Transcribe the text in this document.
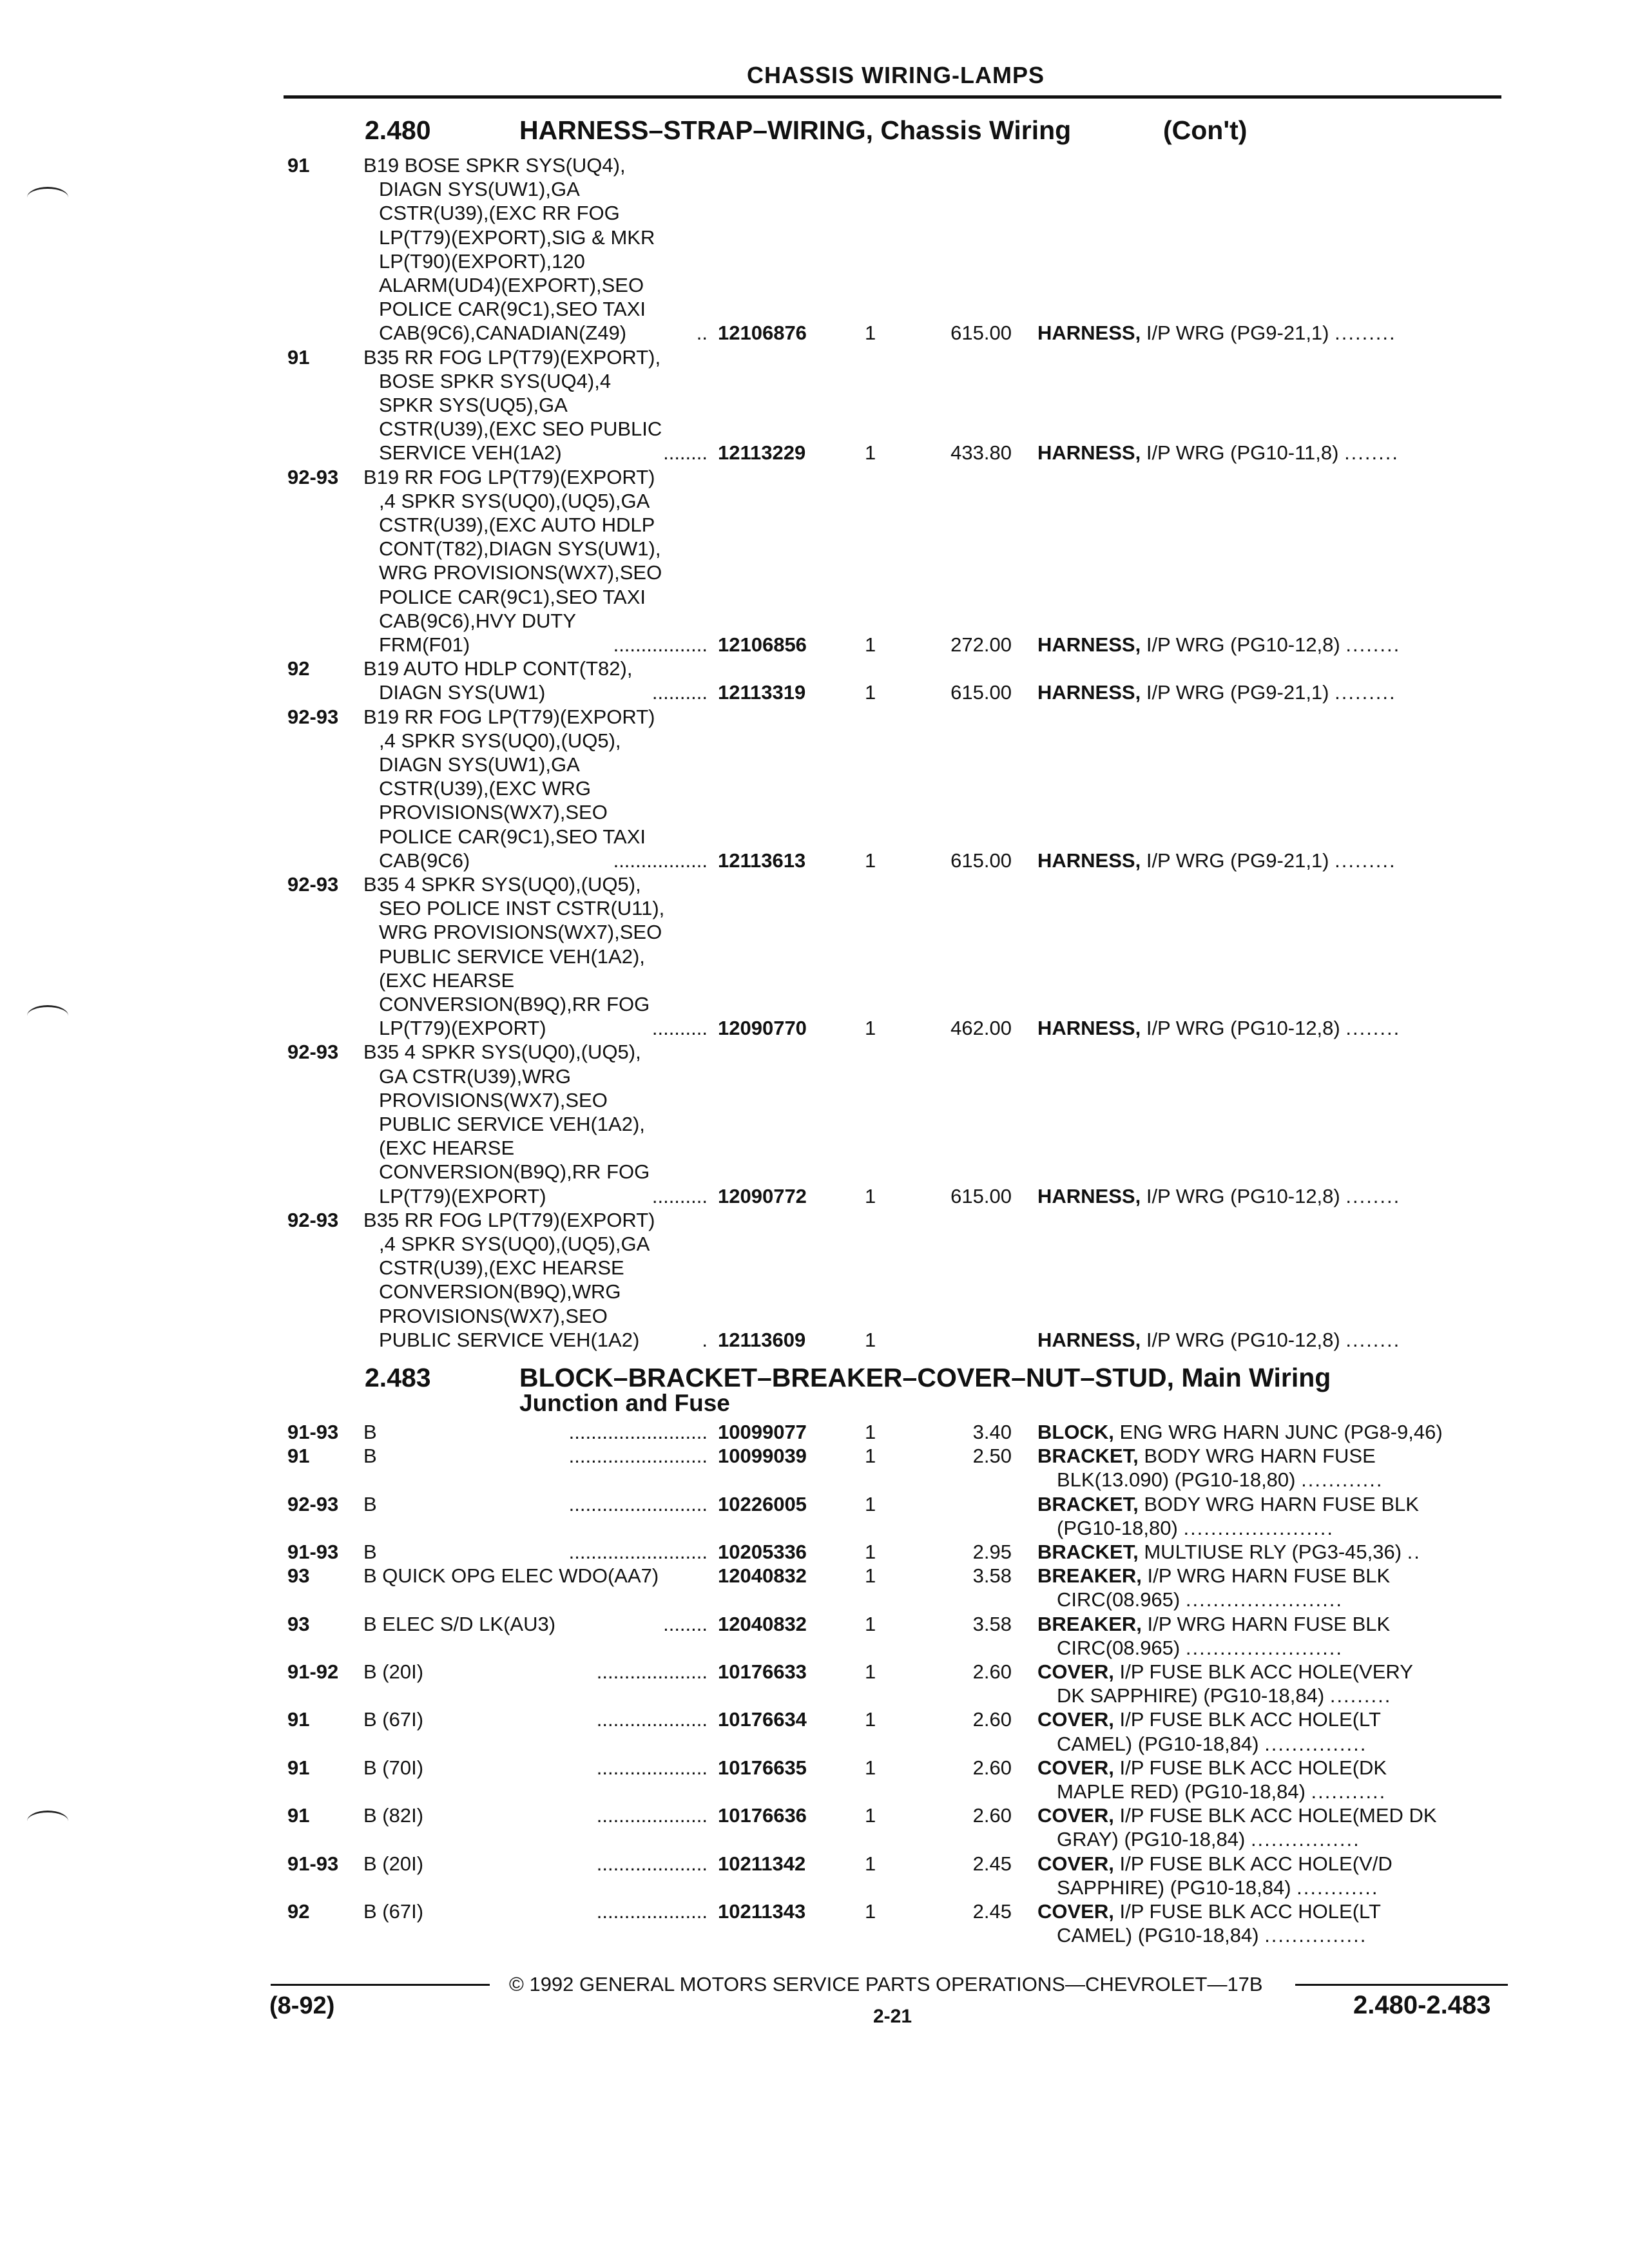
CHASSIS WIRING-LAMPS
2.480	HARNESS–STRAP–WIRING, Chassis Wiring	(Con't)
2.483	BLOCK–BRACKET–BREAKER–COVER–NUT–STUD, Main Wiring
Junction and Fuse
91	B19 BOSE SPKR SYS(UQ4),
DIAGN SYS(UW1),GA
CSTR(U39),(EXC RR FOG
LP(T79)(EXPORT),SIG & MKR
LP(T90)(EXPORT),120
ALARM(UD4)(EXPORT),SEO
POLICE CAR(9C1),SEO TAXI
CAB(9C6),CANADIAN(Z49)	.. 12106876	1	615.00 HARNESS, I/P WRG (PG9-21,1) .........
91	B35 RR FOG LP(T79)(EXPORT),
BOSE SPKR SYS(UQ4),4
SPKR SYS(UQ5),GA
CSTR(U39),(EXC SEO PUBLIC
SERVICE VEH(1A2)	........ 12113229	1	433.80 HARNESS, I/P WRG (PG10-11,8) ........
92-93 B19 RR FOG LP(T79)(EXPORT)
,4 SPKR SYS(UQ0),(UQ5),GA
CSTR(U39),(EXC AUTO HDLP
CONT(T82),DIAGN SYS(UW1),
WRG PROVISIONS(WX7),SEO
POLICE CAR(9C1),SEO TAXI
CAB(9C6),HVY DUTY
FRM(F01)	................. 12106856	1	272.00 HARNESS, I/P WRG (PG10-12,8) ........
92	B19 AUTO HDLP CONT(T82),
DIAGN SYS(UW1)	.......... 12113319	1	615.00 HARNESS, I/P WRG (PG9-21,1) .........
92-93 B19 RR FOG LP(T79)(EXPORT)
,4 SPKR SYS(UQ0),(UQ5),
DIAGN SYS(UW1),GA
CSTR(U39),(EXC WRG
PROVISIONS(WX7),SEO
POLICE CAR(9C1),SEO TAXI
CAB(9C6)	................. 12113613	1	615.00 HARNESS, I/P WRG (PG9-21,1) .........
92-93 B35 4 SPKR SYS(UQ0),(UQ5),
SEO POLICE INST CSTR(U11),
WRG PROVISIONS(WX7),SEO
PUBLIC SERVICE VEH(1A2),
(EXC HEARSE
CONVERSION(B9Q),RR FOG
LP(T79)(EXPORT)	.......... 12090770	1	462.00 HARNESS, I/P WRG (PG10-12,8) ........
92-93 B35 4 SPKR SYS(UQ0),(UQ5),
GA CSTR(U39),WRG
PROVISIONS(WX7),SEO
PUBLIC SERVICE VEH(1A2),
(EXC HEARSE
CONVERSION(B9Q),RR FOG
LP(T79)(EXPORT)	.......... 12090772	1	615.00 HARNESS, I/P WRG (PG10-12,8) ........
92-93 B35 RR FOG LP(T79)(EXPORT)
,4 SPKR SYS(UQ0),(UQ5),GA
CSTR(U39),(EXC HEARSE
CONVERSION(B9Q),WRG
PROVISIONS(WX7),SEO
PUBLIC SERVICE VEH(1A2)	. 12113609	1	HARNESS, I/P WRG (PG10-12,8) ........
91-93 B	......................... 10099077	1	3.40 BLOCK, ENG WRG HARN JUNC (PG8-9,46)
91	B	......................... 10099039	1	2.50 BRACKET, BODY WRG HARN FUSE
BLK(13.090) (PG10-18,80) ............
92-93 B	......................... 10226005	1	BRACKET, BODY WRG HARN FUSE BLK
(PG10-18,80) ......................
91-93 B	......................... 10205336	1	2.95 BRACKET, MULTIUSE RLY (PG3-45,36) ..
93	B QUICK OPG ELEC WDO(AA7)	12040832	1	3.58 BREAKER, I/P WRG HARN FUSE BLK
CIRC(08.965) .......................
93	B ELEC S/D LK(AU3)	........ 12040832	1	3.58 BREAKER, I/P WRG HARN FUSE BLK
CIRC(08.965) .......................
91-92 B (20I)	.................... 10176633	1	2.60 COVER, I/P FUSE BLK ACC HOLE(VERY
DK SAPPHIRE) (PG10-18,84) .........
91	B (67I)	.................... 10176634	1	2.60 COVER, I/P FUSE BLK ACC HOLE(LT
CAMEL) (PG10-18,84) ...............
91	B (70I)	.................... 10176635	1	2.60 COVER, I/P FUSE BLK ACC HOLE(DK
MAPLE RED) (PG10-18,84) ...........
91	B (82I)	.................... 10176636	1	2.60 COVER, I/P FUSE BLK ACC HOLE(MED DK
GRAY) (PG10-18,84) ................
91-93 B (20I)	.................... 10211342	1	2.45 COVER, I/P FUSE BLK ACC HOLE(V/D
SAPPHIRE) (PG10-18,84) ............
92	B (67I)	.................... 10211343	1	2.45 COVER, I/P FUSE BLK ACC HOLE(LT
CAMEL) (PG10-18,84) ...............
© 1992 GENERAL MOTORS SERVICE PARTS OPERATIONS—CHEVROLET—17B
(8-92)	2-21	2.480-2.483
